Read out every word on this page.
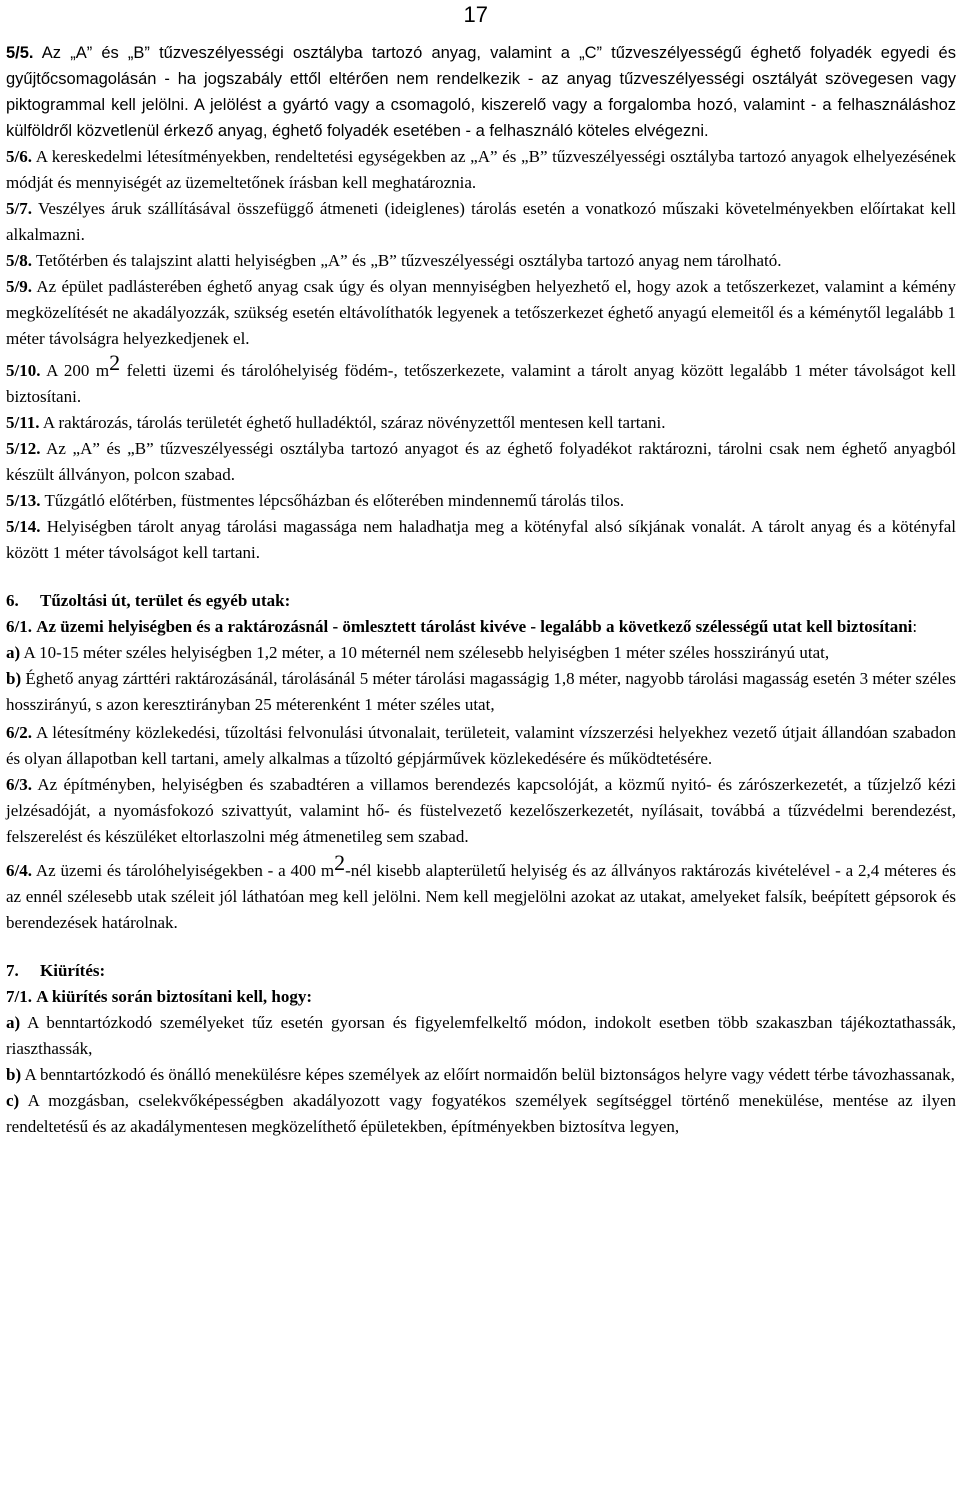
17

5/5. Az „A” és „B” tűzveszélyességi osztályba tartozó anyag, valamint a „C” tűzveszélyességű éghető folyadék egyedi és gyűjtőcsomagolásán - ha jogszabály ettől eltérően nem rendelkezik - az anyag tűzveszélyességi osztályát szövegesen vagy piktogrammal kell jelölni. A jelölést a gyártó vagy a csomagoló, kiszerelő vagy a forgalomba hozó, valamint - a felhasználáshoz külföldről közvetlenül érkező anyag, éghető folyadék esetében - a felhasználó köteles elvégezni.

5/6. A kereskedelmi létesítményekben, rendeltetési egységekben az „A” és „B” tűzveszélyességi osztályba tartozó anyagok elhelyezésének módját és mennyiségét az üzemeltetőnek írásban kell meghatároznia.

5/7. Veszélyes áruk szállításával összefüggő átmeneti (ideiglenes) tárolás esetén a vonatkozó műszaki követelményekben előírtakat kell alkalmazni.

5/8. Tetőtérben és talajszint alatti helyiségben „A” és „B” tűzveszélyességi osztályba tartozó anyag nem tárolható.

5/9. Az épület padlásterében éghető anyag csak úgy és olyan mennyiségben helyezhető el, hogy azok a tetőszerkezet, valamint a kémény megközelítését ne akadályozzák, szükség esetén eltávolíthatók legyenek a tetőszerkezet éghető anyagú elemeitől és a kéménytől legalább 1 méter távolságra helyezkedjenek el.

5/10. A 200 $m^2$ feletti üzemi és tárolóhelyiség födém-, tetőszerkezete, valamint a tárolt anyag között legalább 1 méter távolságot kell biztosítani.

5/11. A raktározás, tárolás területét éghető hulladéktól, száraz növényzettől mentesen kell tartani.

5/12. Az „A” és „B” tűzveszélyességi osztályba tartozó anyagot és az éghető folyadékot raktározni, tárolni csak nem éghető anyagból készült állványon, polcon szabad.

5/13. Tűzgátló előtérben, füstmentes lépcsőházban és előterében mindennemű tárolás tilos.

5/14. Helyiségben tárolt anyag tárolási magassága nem haladhatja meg a kötényfal alsó síkjának vonalát. A tárolt anyag és a kötényfal között 1 méter távolságot kell tartani.

6. Tűzoltási út, terület és egyéb utak:

6/1. Az üzemi helyiségben és a raktározásnál - ömlesztett tárolást kivéve - legalább a következő szélességű utat kell biztosítani:

a) A 10-15 méter széles helyiségben 1,2 méter, a 10 méternél nem szélesebb helyiségben 1 méter széles hosszirányú utat,

b) Éghető anyag zárttéri raktározásánál, tárolásánál 5 méter tárolási magasságig 1,8 méter, nagyobb tárolási magasság esetén 3 méter széles hosszirányú, s azon keresztirányban 25 méterenként 1 méter széles utat,

6/2. A létesítmény közlekedési, tűzoltási felvonulási útvonalait, területeit, valamint vízszerzési helyekhez vezető útjait állandóan szabadon és olyan állapotban kell tartani, amely alkalmas a tűzoltó gépjárművek közlekedésére és működtetésére.

6/3. Az építményben, helyiségben és szabadtéren a villamos berendezés kapcsolóját, a közmű nyitó- és zárószerkezetét, a tűzjelző kézi jelzésadóját, a nyomásfokozó szivattyút, valamint hő- és füstelvezető kezelőszerkezetét, nyílásait, továbbá a tűzvédelmi berendezést, felszerelést és készüléket eltorlaszolni még átmenetileg sem szabad.

6/4. Az üzemi és tárolóhelyiségekben - a 400 $m^2$-nél kisebb alapterületű helyiség és az állványos raktározás kivételével - a 2,4 méteres és az ennél szélesebb utak széleit jól láthatóan meg kell jelölni. Nem kell megjelölni azokat az utakat, amelyeket falsík, beépített gépsorok és berendezések határolnak.

7. Kiürítés:

7/1. A kiürítés során biztosítani kell, hogy:

a) A benntartózkodó személyeket tűz esetén gyorsan és figyelemfelkeltő módon, indokolt esetben több szakaszban tájékoztathassák, riaszthassák,

b) A benntartózkodó és önálló menekülésre képes személyek az előírt normaidőn belül biztonságos helyre vagy védett térbe távozhassanak,

c) A mozgásban, cselekvőképességben akadályozott vagy fogyatékos személyek segítséggel történő menekülése, mentése az ilyen rendeltetésű és az akadálymentesen megközelíthető épületekben, építményekben biztosítva legyen,
